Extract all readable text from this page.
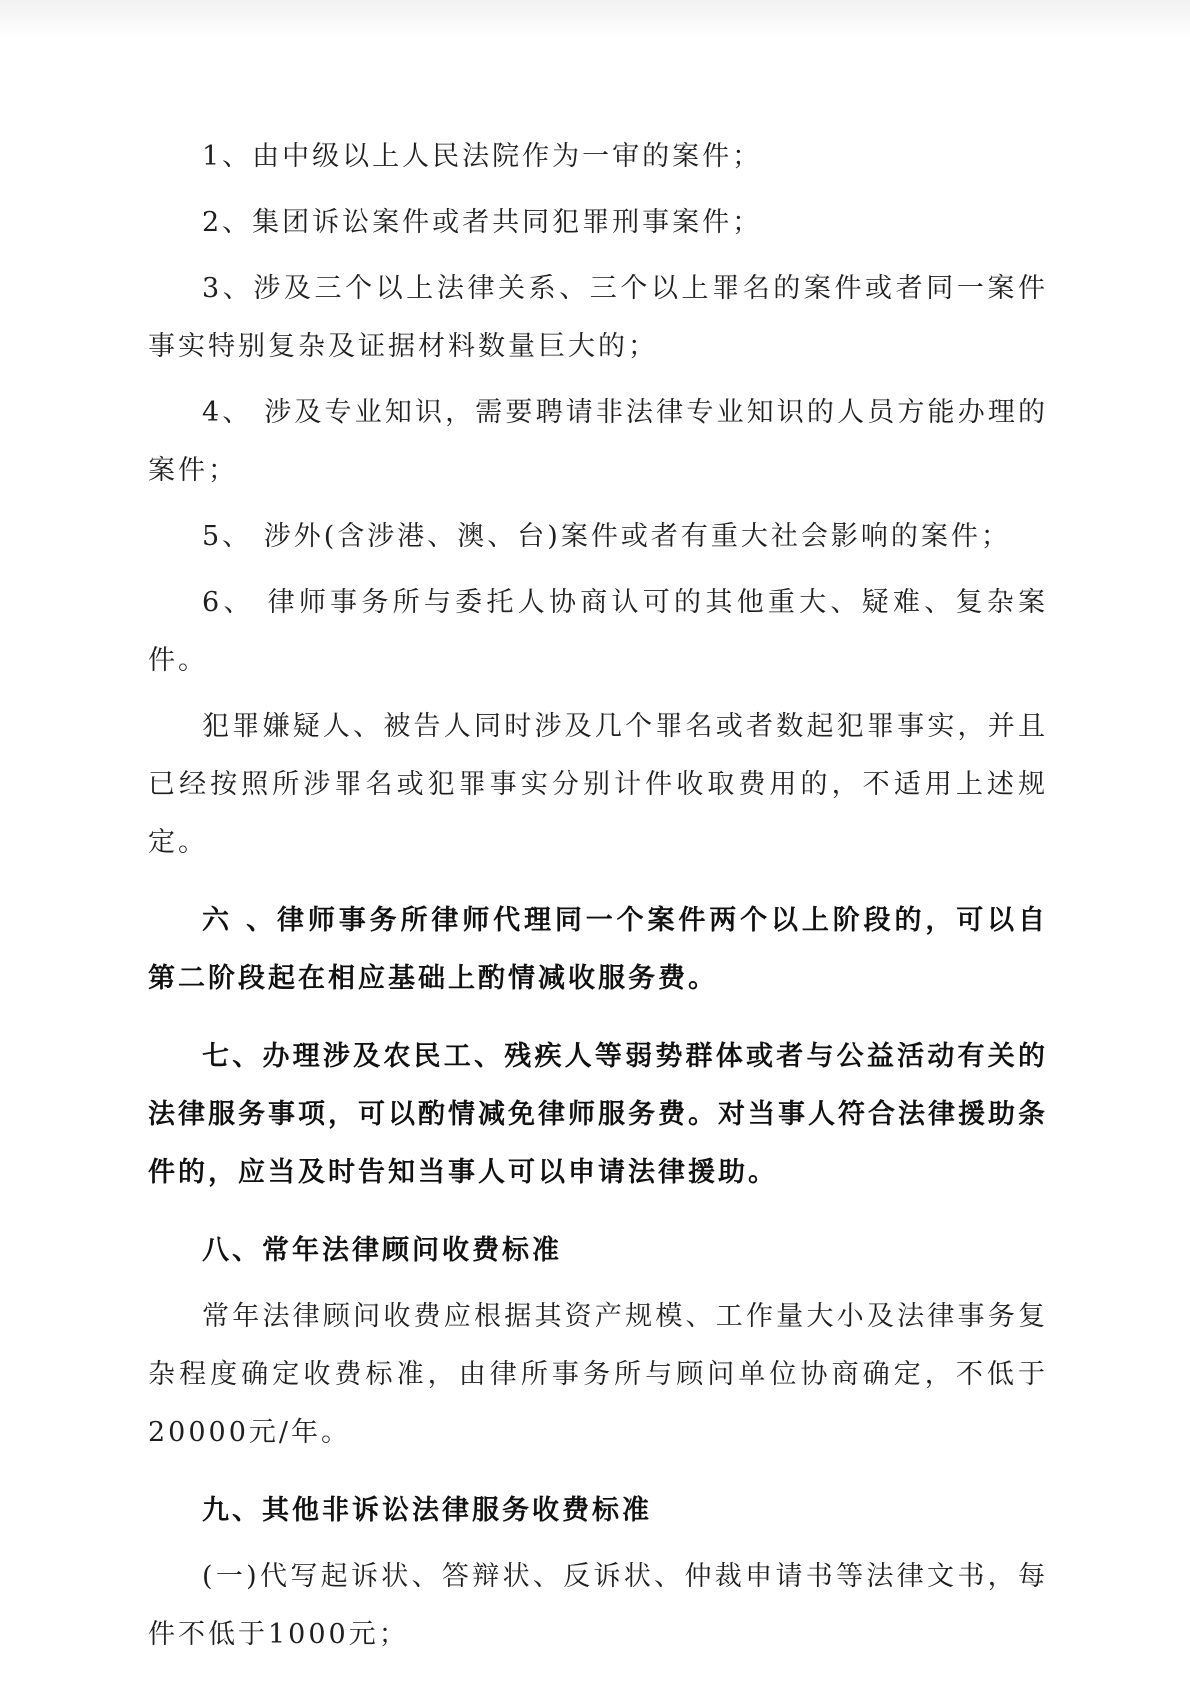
1、由中级以上人民法院作为一审的案件；

2、集团诉讼案件或者共同犯罪刑事案件；

3、涉及三个以上法律关系、三个以上罪名的案件或者同一案件事实特别复杂及证据材料数量巨大的；

4、 涉及专业知识，需要聘请非法律专业知识的人员方能办理的案件；

5、 涉外(含涉港、澳、台)案件或者有重大社会影响的案件；

6、 律师事务所与委托人协商认可的其他重大、疑难、复杂案件。

犯罪嫌疑人、被告人同时涉及几个罪名或者数起犯罪事实，并且已经按照所涉罪名或犯罪事实分别计件收取费用的，不适用上述规定。

六 、律师事务所律师代理同一个案件两个以上阶段的，可以自第二阶段起在相应基础上酌情减收服务费。

七、办理涉及农民工、残疾人等弱势群体或者与公益活动有关的法律服务事项，可以酌情减免律师服务费。对当事人符合法律援助条件的，应当及时告知当事人可以申请法律援助。

八、常年法律顾问收费标准

常年法律顾问收费应根据其资产规模、工作量大小及法律事务复杂程度确定收费标准，由律所事务所与顾问单位协商确定，不低于20000元/年。

九、其他非诉讼法律服务收费标准

(一)代写起诉状、答辩状、反诉状、仲裁申请书等法律文书，每件不低于1000元；
